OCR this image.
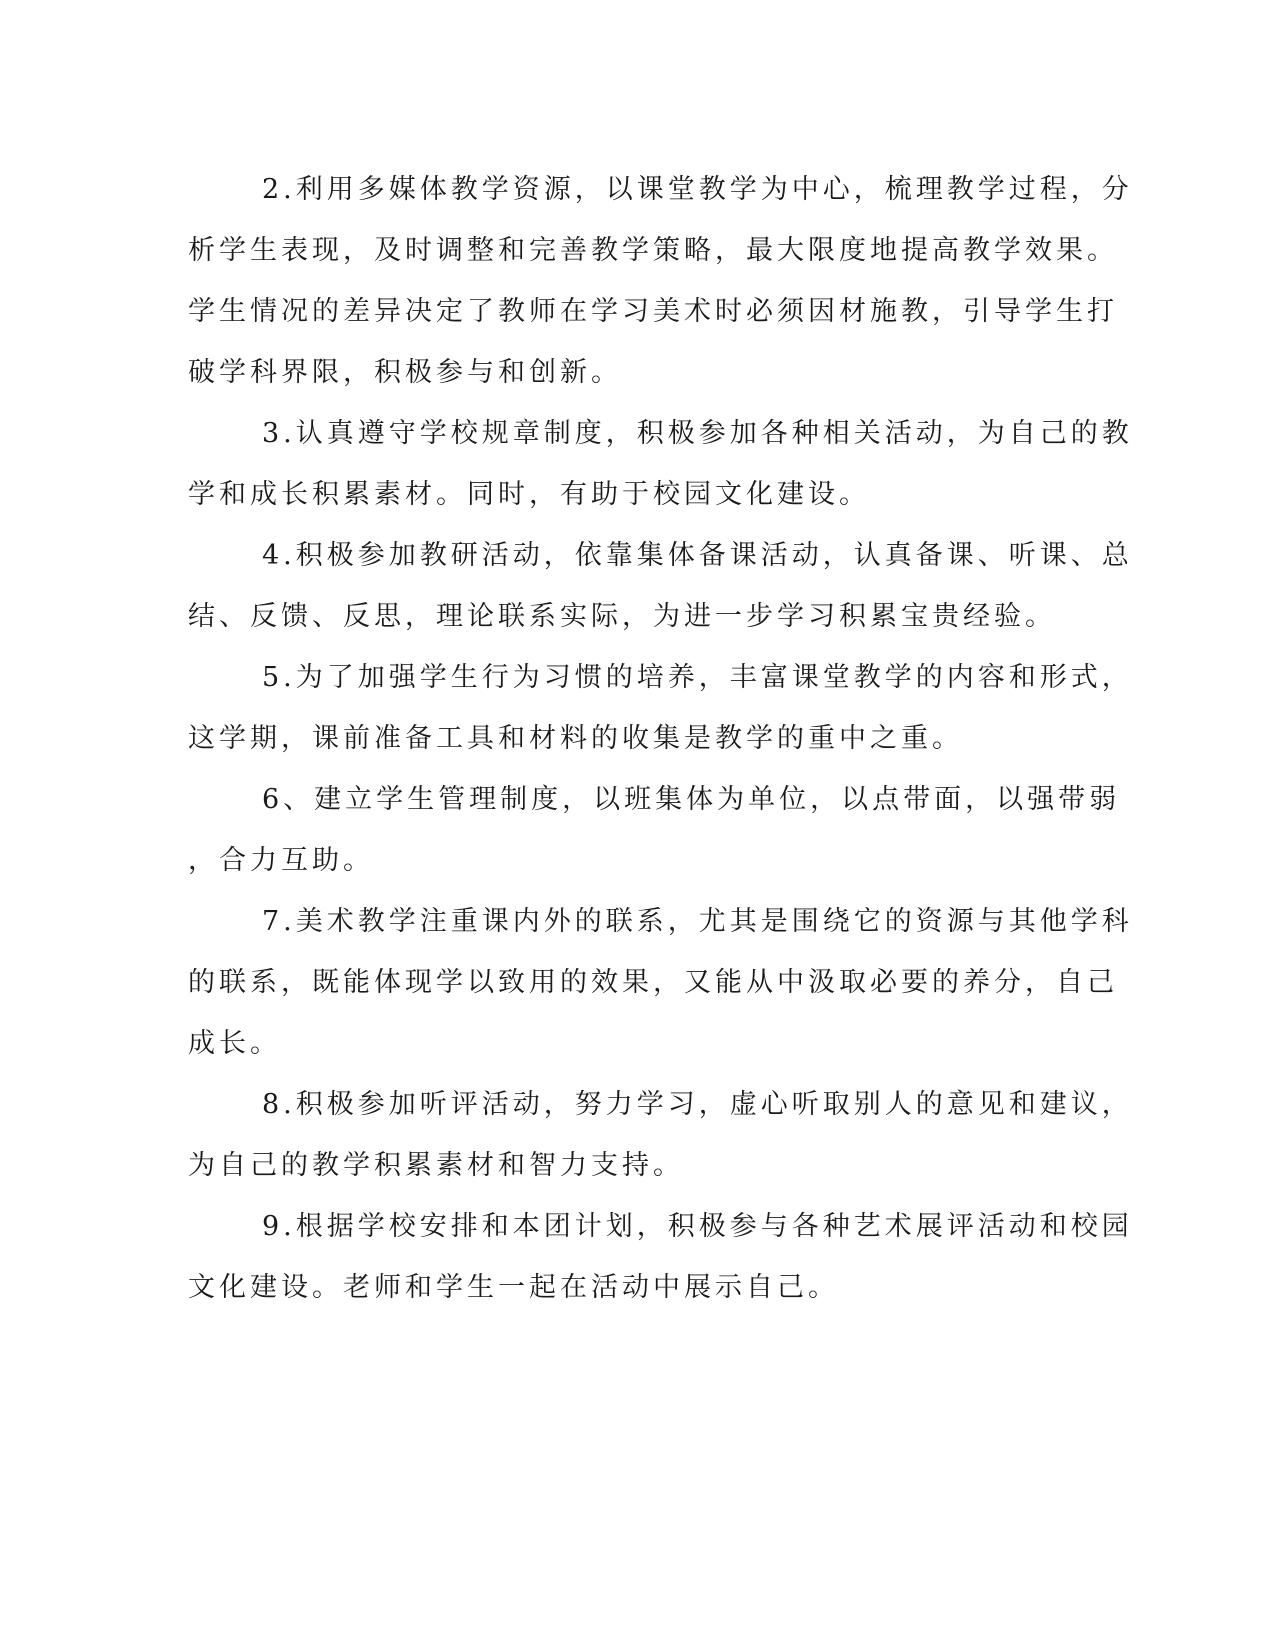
2.利用多媒体教学资源，以课堂教学为中心，梳理教学过程，分
析学生表现，及时调整和完善教学策略，最大限度地提高教学效果。
学生情况的差异决定了教师在学习美术时必须因材施教，引导学生打
破学科界限，积极参与和创新。
3.认真遵守学校规章制度，积极参加各种相关活动，为自己的教
学和成长积累素材。同时，有助于校园文化建设。
4.积极参加教研活动，依靠集体备课活动，认真备课、听课、总
结、反馈、反思，理论联系实际，为进一步学习积累宝贵经验。
5.为了加强学生行为习惯的培养，丰富课堂教学的内容和形式，
这学期，课前准备工具和材料的收集是教学的重中之重。
6、建立学生管理制度，以班集体为单位，以点带面，以强带弱
，合力互助。
7.美术教学注重课内外的联系，尤其是围绕它的资源与其他学科
的联系，既能体现学以致用的效果，又能从中汲取必要的养分，自己
成长。
8.积极参加听评活动，努力学习，虚心听取别人的意见和建议，
为自己的教学积累素材和智力支持。
9.根据学校安排和本团计划，积极参与各种艺术展评活动和校园
文化建设。老师和学生一起在活动中展示自己。
